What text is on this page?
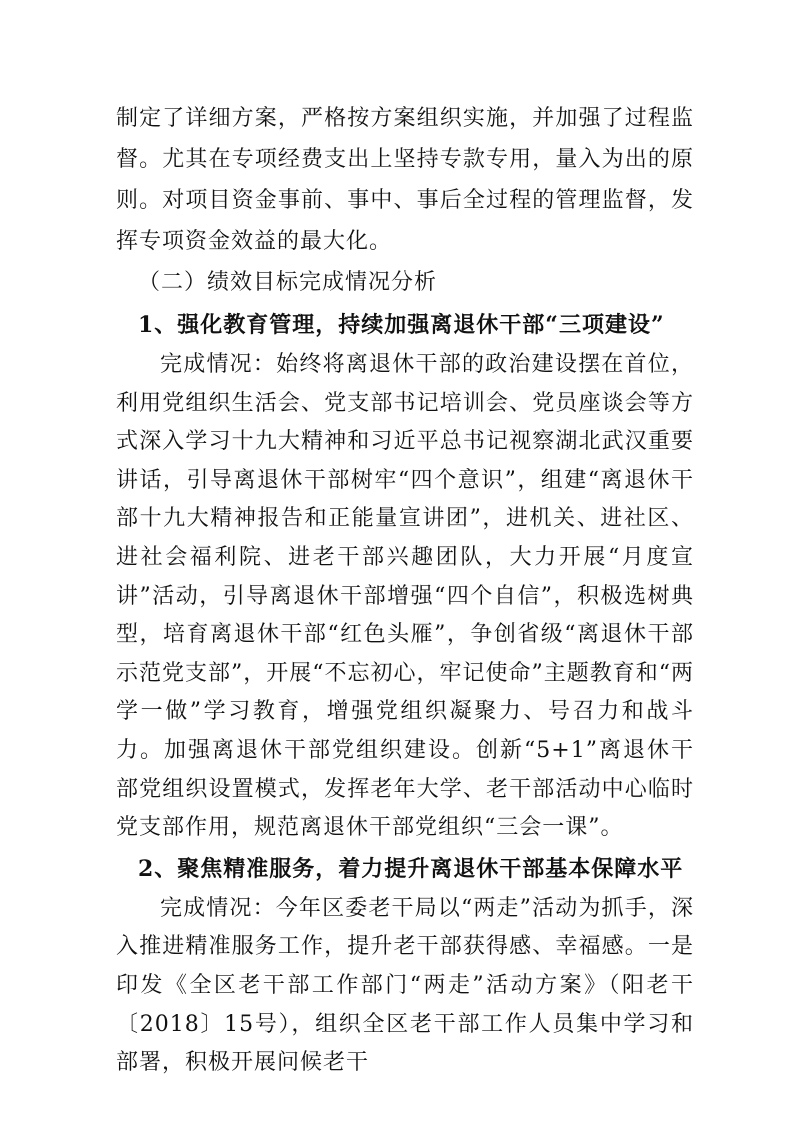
制定了详细方案，严格按方案组织实施，并加强了过程监督。尤其在专项经费支出上坚持专款专用，量入为出的原则。对项目资金事前、事中、事后全过程的管理监督，发挥专项资金效益的最大化。

（二）绩效目标完成情况分析

1、强化教育管理，持续加强离退休干部“三项建设”

完成情况：始终将离退休干部的政治建设摆在首位，利用党组织生活会、党支部书记培训会、党员座谈会等方式深入学习十九大精神和习近平总书记视察湖北武汉重要讲话，引导离退休干部树牢“四个意识”，组建“离退休干部十九大精神报告和正能量宣讲团”，进机关、进社区、进社会福利院、进老干部兴趣团队，大力开展“月度宣讲”活动，引导离退休干部增强“四个自信”，积极选树典型，培育离退休干部“红色头雁”，争创省级“离退休干部示范党支部”，开展“不忘初心，牢记使命”主题教育和“两学一做”学习教育，增强党组织凝聚力、号召力和战斗力。加强离退休干部党组织建设。创新“5+1”离退休干部党组织设置模式，发挥老年大学、老干部活动中心临时党支部作用，规范离退休干部党组织“三会一课”。

2、聚焦精准服务，着力提升离退休干部基本保障水平

完成情况：今年区委老干局以“两走”活动为抓手，深入推进精准服务工作，提升老干部获得感、幸福感。一是印发《全区老干部工作部门“两走”活动方案》（阳老干〔2018〕15号），组织全区老干部工作人员集中学习和部署，积极开展问候老干
